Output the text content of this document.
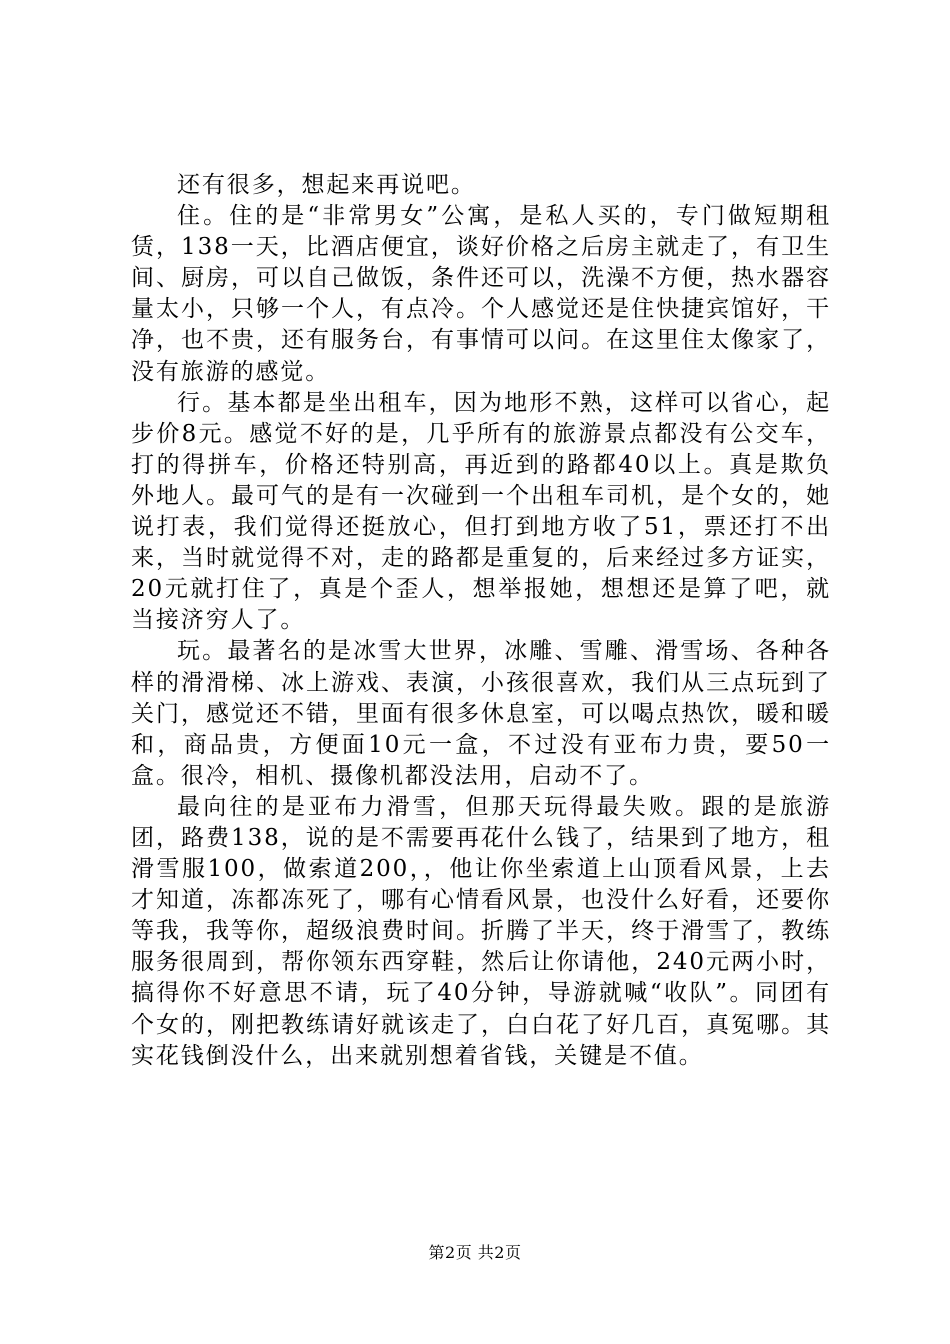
还有很多，想起来再说吧。

住。住的是“非常男女”公寓，是私人买的，专门做短期租赁，138一天，比酒店便宜，谈好价格之后房主就走了，有卫生间、厨房，可以自己做饭，条件还可以，洗澡不方便，热水器容量太小，只够一个人，有点冷。个人感觉还是住快捷宾馆好，干净，也不贵，还有服务台，有事情可以问。在这里住太像家了，没有旅游的感觉。

行。基本都是坐出租车，因为地形不熟，这样可以省心，起步价8元。感觉不好的是，几乎所有的旅游景点都没有公交车，打的得拼车，价格还特别高，再近到的路都40以上。真是欺负外地人。最可气的是有一次碰到一个出租车司机，是个女的，她说打表，我们觉得还挺放心，但打到地方收了51，票还打不出来，当时就觉得不对，走的路都是重复的，后来经过多方证实，20元就打住了，真是个歪人，想举报她，想想还是算了吧，就当接济穷人了。

玩。最著名的是冰雪大世界，冰雕、雪雕、滑雪场、各种各样的滑滑梯、冰上游戏、表演，小孩很喜欢，我们从三点玩到了关门，感觉还不错，里面有很多休息室，可以喝点热饮，暖和暖和，商品贵，方便面10元一盒，不过没有亚布力贵，要50一盒。很冷，相机、摄像机都没法用，启动不了。

最向往的是亚布力滑雪，但那天玩得最失败。跟的是旅游团，路费138，说的是不需要再花什么钱了，结果到了地方，租滑雪服100，做索道200，，他让你坐索道上山顶看风景，上去才知道，冻都冻死了，哪有心情看风景，也没什么好看，还要你等我，我等你，超级浪费时间。折腾了半天，终于滑雪了，教练服务很周到，帮你领东西穿鞋，然后让你请他，240元两小时，搞得你不好意思不请，玩了40分钟，导游就喊“收队”。同团有个女的，刚把教练请好就该走了，白白花了好几百，真冤哪。其实花钱倒没什么，出来就别想着省钱，关键是不值。

第2页 共2页
